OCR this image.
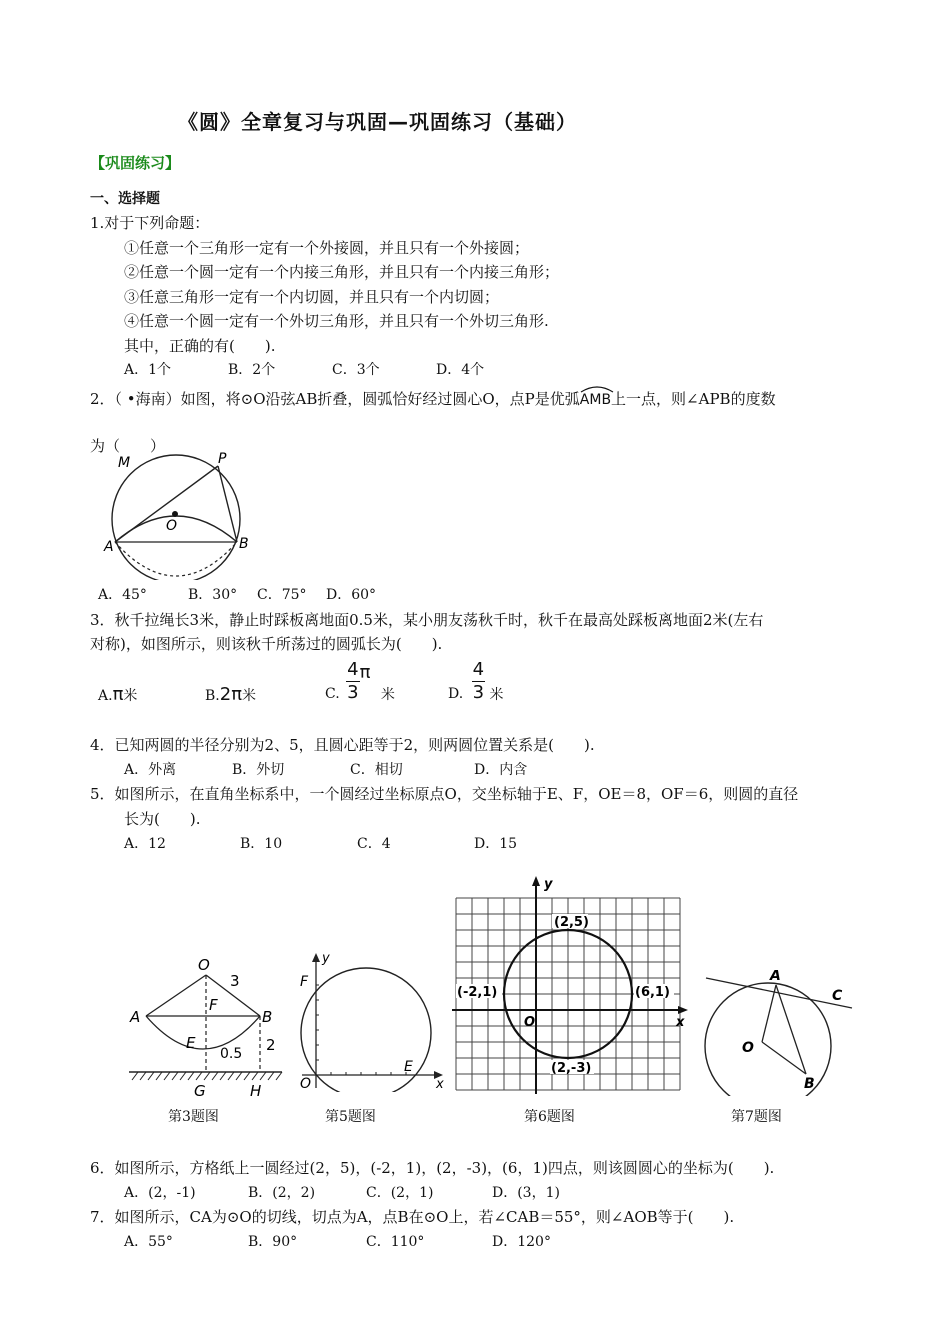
《圆》全章复习与巩固—巩固练习（基础）
【巩固练习】
一、选择题
1.对于下列命题：
①任意一个三角形一定有一个外接圆，并且只有一个外接圆；
②任意一个圆一定有一个内接三角形，并且只有一个内接三角形；
③任意三角形一定有一个内切圆，并且只有一个内切圆；
④任意一个圆一定有一个外切三角形，并且只有一个外切三角形.
其中，正确的有(　　).
A．1个	B．2个	C．3个	D．4个
2．（ •海南）如图，将⊙O沿弦AB折叠，圆弧恰好经过圆心O，点P是优弧
AMB上一点，则∠APB的度数
为（　　）
M	P
O
A	B
A．45°	B．30° C．75° D．60°
3．秋千拉绳长3米，静止时踩板离地面0.5米，某小朋友荡秋千时，秋千在最高处踩板离地面2米(左右
对称)，如图所示，则该秋千所荡过的圆弧长为(　　).
A.π米	B.2π米	C. $\frac{4}{3}$ π 米	D. $\frac{4}{3}$ 米
4．已知两圆的半径分别为2、5，且圆心距等于2，则两圆位置关系是(　　).
A．外离	B．外切	C．相切	D．内含
5．如图所示，在直角坐标系中，一个圆经过坐标原点O，交坐标轴于E、F，OE＝8，OF＝6，则圆的直径
长为(　　).
A．12	B．10	C．4	D．15
O
3
A
F
B
E
0.5 2
G	H
第3题图
y
F
O
E
x
第5题图
y
x
O
(2,5)
(-2,1)	(6,1)
(2,-3)
第6题图
A
C
O
B
第7题图
6．如图所示，方格纸上一圆经过(2，5)，(-2，1)，(2，-3)，(6，1)四点，则该圆圆心的坐标为(　　).
A．(2，-1)	B．(2，2)	C．(2，1)	D．(3，1)
7．如图所示，CA为⊙O的切线，切点为A，点B在⊙O上，若∠CAB＝55°，则∠AOB等于(　　).
A．55°	B．90°	C．110°	D．120°
